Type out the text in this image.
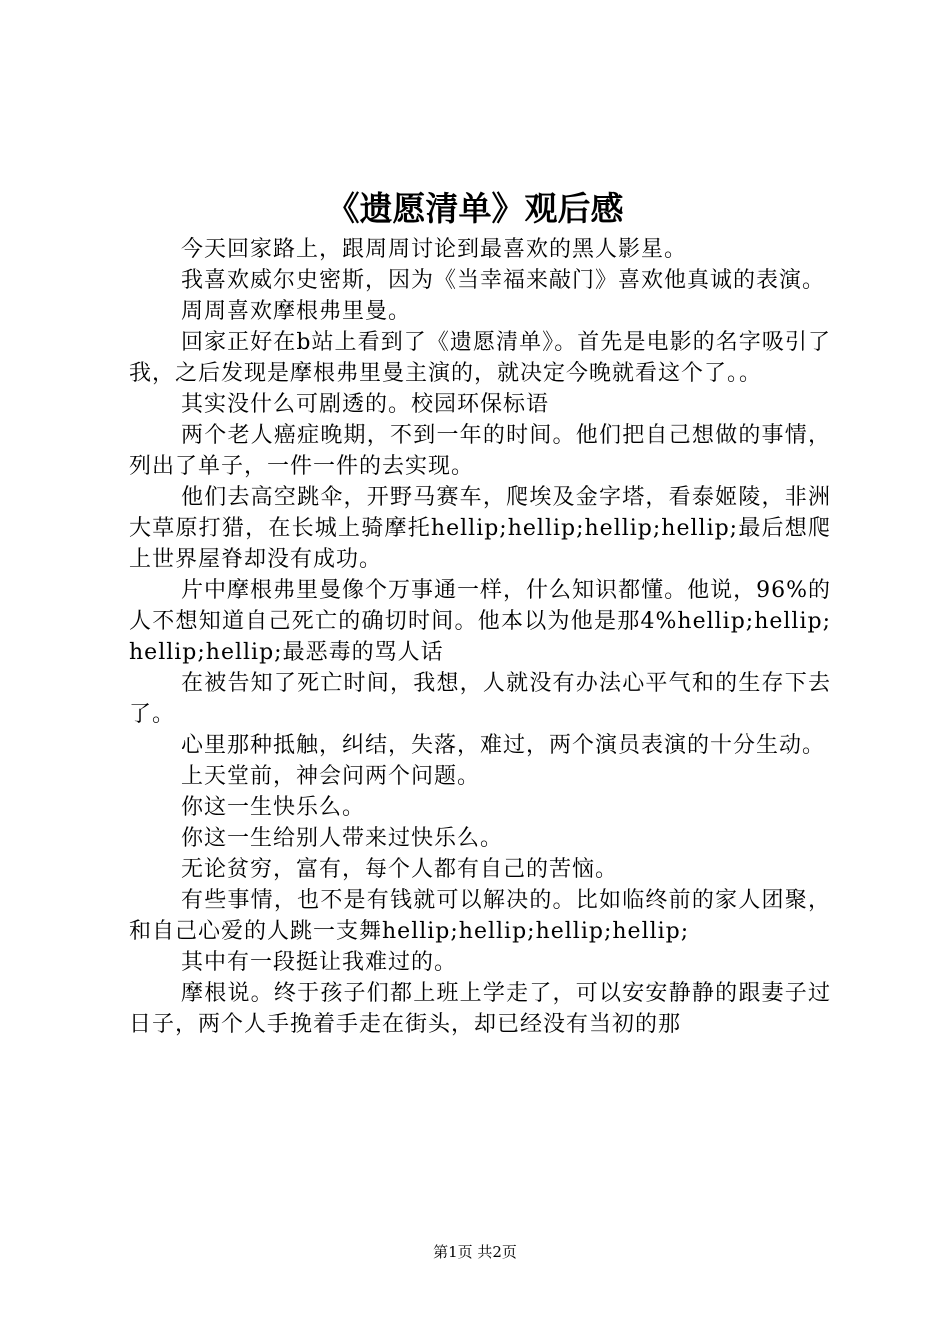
《遗愿清单》观后感

今天回家路上，跟周周讨论到最喜欢的黑人影星。

我喜欢威尔史密斯，因为《当幸福来敲门》喜欢他真诚的表演。

周周喜欢摩根弗里曼。

回家正好在b站上看到了《遗愿清单》。首先是电影的名字吸引了我，之后发现是摩根弗里曼主演的，就决定今晚就看这个了。。

其实没什么可剧透的。校园环保标语

两个老人癌症晚期，不到一年的时间。他们把自己想做的事情，列出了单子，一件一件的去实现。

他们去高空跳伞，开野马赛车，爬埃及金字塔，看泰姬陵，非洲大草原打猎，在长城上骑摩托hellip;hellip;hellip;hellip;最后想爬上世界屋脊却没有成功。

片中摩根弗里曼像个万事通一样，什么知识都懂。他说，96%的人不想知道自己死亡的确切时间。他本以为他是那4%hellip;hellip;hellip;hellip;最恶毒的骂人话

在被告知了死亡时间，我想，人就没有办法心平气和的生存下去了。

心里那种抵触，纠结，失落，难过，两个演员表演的十分生动。

上天堂前，神会问两个问题。

你这一生快乐么。

你这一生给别人带来过快乐么。

无论贫穷，富有，每个人都有自己的苦恼。

有些事情，也不是有钱就可以解决的。比如临终前的家人团聚，和自己心爱的人跳一支舞hellip;hellip;hellip;hellip;

其中有一段挺让我难过的。

摩根说。终于孩子们都上班上学走了，可以安安静静的跟妻子过日子，两个人手挽着手走在街头，却已经没有当初的那

第1页 共2页
